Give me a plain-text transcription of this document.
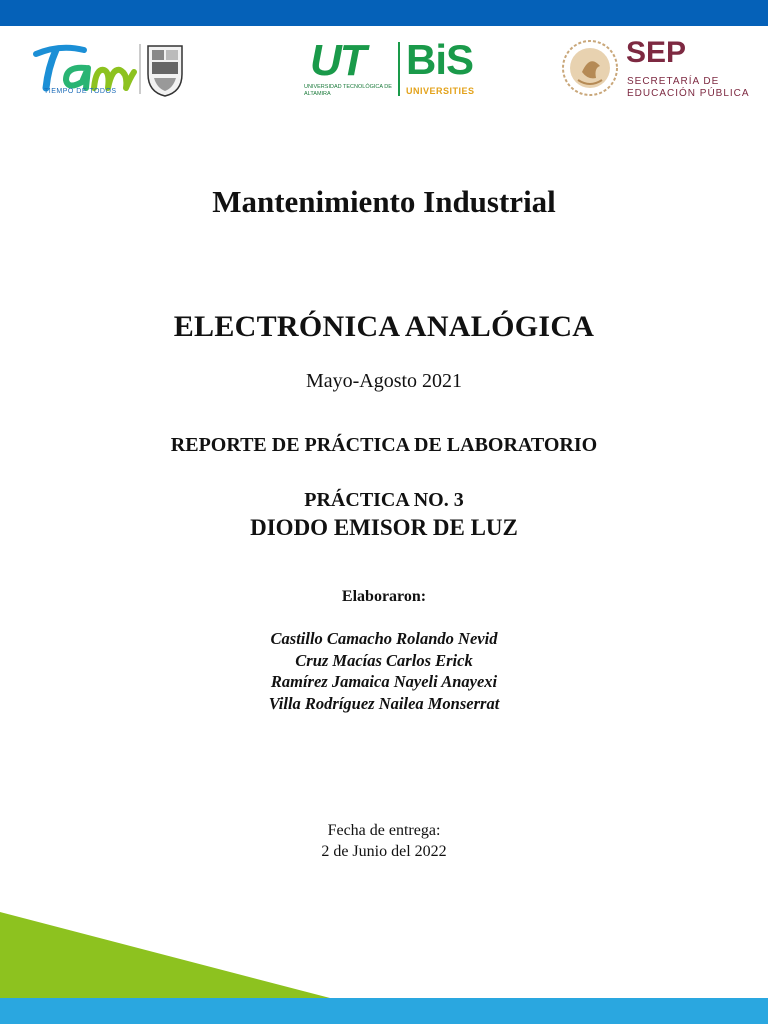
TIEMPO DE TODOS
UT
UNIVERSIDAD TECNOLÓGICA DE ALTAMIRA
BiS
UNIVERSITIES
SEP
SECRETARÍA DE
EDUCACIÓN PÚBLICA
Mantenimiento Industrial
ELECTRÓNICA ANALÓGICA
Mayo-Agosto 2021
REPORTE DE PRÁCTICA DE LABORATORIO
PRÁCTICA NO. 3
DIODO EMISOR DE LUZ
Elaboraron:
Castillo Camacho Rolando Nevid
Cruz Macías Carlos Erick
Ramírez Jamaica Nayeli Anayexi
Villa Rodríguez Nailea Monserrat
Fecha de entrega:
2 de Junio del 2022
